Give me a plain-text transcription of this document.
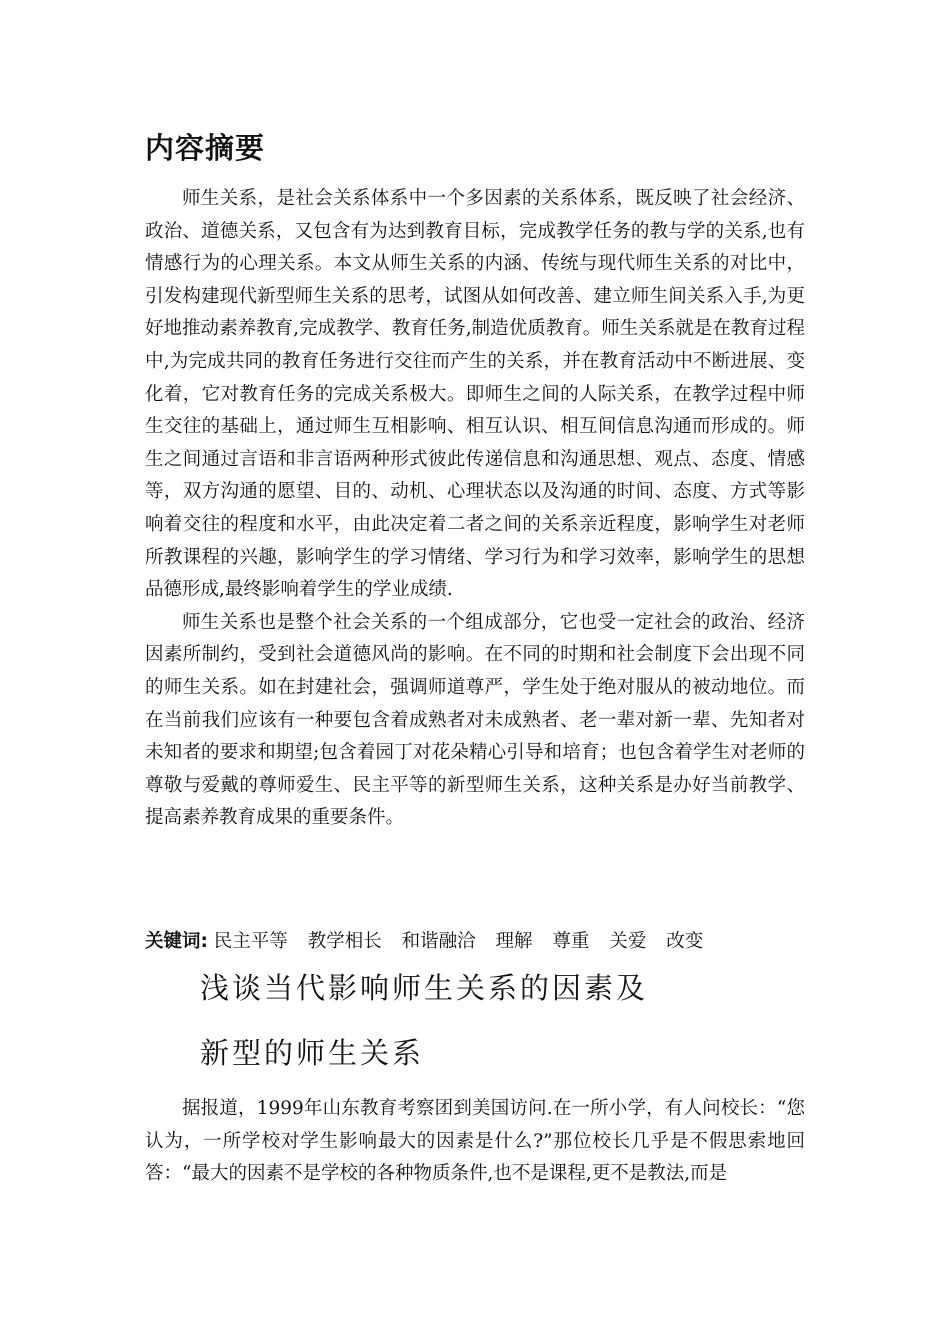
内容摘要

师生关系，是社会关系体系中一个多因素的关系体系，既反映了社会经济、政治、道德关系，又包含有为达到教育目标，完成教学任务的教与学的关系,也有情感行为的心理关系。本文从师生关系的内涵、传统与现代师生关系的对比中，引发构建现代新型师生关系的思考，试图从如何改善、建立师生间关系入手,为更好地推动素养教育,完成教学、教育任务,制造优质教育。师生关系就是在教育过程中,为完成共同的教育任务进行交往而产生的关系，并在教育活动中不断进展、变化着，它对教育任务的完成关系极大。即师生之间的人际关系，在教学过程中师生交往的基础上，通过师生互相影响、相互认识、相互间信息沟通而形成的。师生之间通过言语和非言语两种形式彼此传递信息和沟通思想、观点、态度、情感等，双方沟通的愿望、目的、动机、心理状态以及沟通的时间、态度、方式等影响着交往的程度和水平，由此决定着二者之间的关系亲近程度，影响学生对老师所教课程的兴趣，影响学生的学习情绪、学习行为和学习效率，影响学生的思想品德形成,最终影响着学生的学业成绩.

师生关系也是整个社会关系的一个组成部分，它也受一定社会的政治、经济因素所制约，受到社会道德风尚的影响。在不同的时期和社会制度下会出现不同的师生关系。如在封建社会，强调师道尊严，学生处于绝对服从的被动地位。而在当前我们应该有一种要包含着成熟者对未成熟者、老一辈对新一辈、先知者对未知者的要求和期望;包含着园丁对花朵精心引导和培育；也包含着学生对老师的尊敬与爱戴的尊师爱生、民主平等的新型师生关系，这种关系是办好当前教学、提高素养教育成果的重要条件。

关键词: 民主平等 教学相长 和谐融洽 理解 尊重 关爱 改变
浅谈当代影响师生关系的因素及
新型的师生关系

据报道，1999年山东教育考察团到美国访问.在一所小学，有人问校长：“您认为，一所学校对学生影响最大的因素是什么?”那位校长几乎是不假思索地回答：“最大的因素不是学校的各种物质条件,也不是课程,更不是教法,而是
